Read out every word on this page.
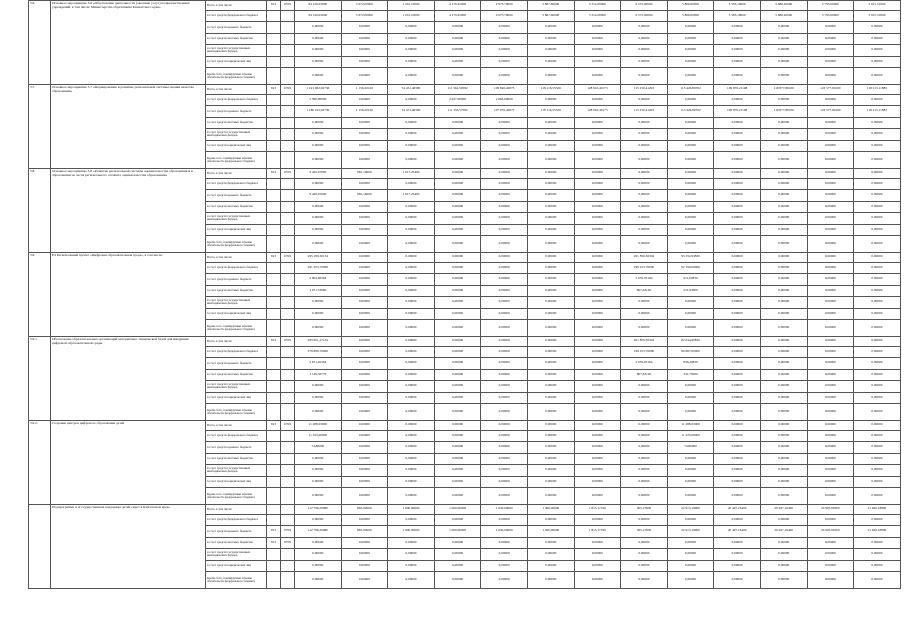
3.6.	Основное мероприятие 3.6 «Обеспечение деятельности (оказание услуг) подведомственных учреждений, в том числе: Министерства образования Камчатского края»	Всего, в том числе:	813	0709	84 126,03000	5 672,00000	1 201,10000	4 179,45000	4 973,79000	5 867,60000	5 314,00000	6 572,00000	5 866,00000	5 593,10000	5 686,20000	5 795,00000	5 915,31000
		за счет средств федерального бюджета			84 126,03000	5 672,00000	1 201,10000	4 179,45000	4 973,79000	5 867,60000	5 314,00000	6 572,00000	5 866,00000	5 593,10000	5 686,20000	5 795,00000	5 915,31000
		за счет средств краевого бюджета			0,00000	0,00000	0,00000	0,00000	0,00000	0,00000	0,00000	0,00000	0,00000	0,00000	0,00000	0,00000	0,00000
		за счет средств местных бюджетов			0,00000	0,00000	0,00000	0,00000	0,00000	0,00000	0,00000	0,00000	0,00000	0,00000	0,00000	0,00000	0,00000
		за счет средств государственных внебюджетных фондов			0,00000	0,00000	0,00000	0,00000	0,00000	0,00000	0,00000	0,00000	0,00000	0,00000	0,00000	0,00000	0,00000
		за счет средств юридических лиц			0,00000	0,00000	0,00000	0,00000	0,00000	0,00000	0,00000	0,00000	0,00000	0,00000	0,00000	0,00000	0,00000
		Кроме того, планируемые объемы обязательств федерального бюджета			0,00000	0,00000	0,00000	0,00000	0,00000	0,00000	0,00000	0,00000	0,00000	0,00000	0,00000	0,00000	0,00000
3.7.	Основное мероприятие 3.7 «Формирование и развитие региональной системы оценки качества образования»	Всего, в том числе:	813	0709	1 191 962,92736	1 156,20120	54 451,46580	111 562,59582	109 846,40073	118 116,55326	128 916,40173	115 250,41203	115 426,89702	109 876,21108	119 877,89100	123 577,99100	118 215,11883
		за счет средств федерального бюджета			5 590,00000	0,00000	0,00000	2 927,00000	2 663,00000	0,00000	0,00000	0,00000	0,00000	0,00000	0,00000	0,00000	0,00000
		за счет средств краевого бюджета			1 186 012,92736	1 156,20120	54 451,46580	111 356,57582	107 076,40073	118 116,55326	128 916,40173	115 250,41203	115 426,89702	109 876,21108	119 877,89100	123 577,99100	118 215,11883
		за счет средств местных бюджетов			0,00000	0,00000	0,00000	0,00000	0,00000	0,00000	0,00000	0,00000	0,00000	0,00000	0,00000	0,00000	0,00000
		за счет средств государственных внебюджетных фондов			0,00000	0,00000	0,00000	0,00000	0,00000	0,00000	0,00000	0,00000	0,00000	0,00000	0,00000	0,00000	0,00000
		за счет средств юридических лиц			0,00000	0,00000	0,00000	0,00000	0,00000	0,00000	0,00000	0,00000	0,00000	0,00000	0,00000	0,00000	0,00000
		Кроме того, планируемые объемы обязательств федерального бюджета			0,00000	0,00000	0,00000	0,00000	0,00000	0,00000	0,00000	0,00000	0,00000	0,00000	0,00000	0,00000	0,00000
3.8.	Основное мероприятие 3.8 «Развитие региональной системы оценки качества образования и в образовании на части регионального сегмента оценки качества образования»	Всего, в том числе:	813	0709	9 426,07600	681,16000	1 617,25400	0,00000	0,00000	0,00000	0,00000	0,00000	0,00000	0,00000	0,00000	0,00000	0,00000
		за счет средств федерального бюджета			0,00000	0,00000	0,00000	0,00000	0,00000	0,00000	0,00000	0,00000	0,00000	0,00000	0,00000	0,00000	0,00000
		за счет средств краевого бюджета			9 426,07600	681,16000	1 617,25400	0,00000	0,00000	0,00000	0,00000	0,00000	0,00000	0,00000	0,00000	0,00000	0,00000
		за счет средств местных бюджетов			0,00000	0,00000	0,00000	0,00000	0,00000	0,00000	0,00000	0,00000	0,00000	0,00000	0,00000	0,00000	0,00000
		за счет средств государственных внебюджетных фондов			0,00000	0,00000	0,00000	0,00000	0,00000	0,00000	0,00000	0,00000	0,00000	0,00000	0,00000	0,00000	0,00000
		за счет средств юридических лиц			0,00000	0,00000	0,00000	0,00000	0,00000	0,00000	0,00000	0,00000	0,00000	0,00000	0,00000	0,00000	0,00000
		Кроме того, планируемые объемы обязательств федерального бюджета			0,00000	0,00000	0,00000	0,00000	0,00000	0,00000	0,00000	0,00000	0,00000	0,00000	0,00000	0,00000	0,00000
3.9.	Е4 Региональный проект «Цифровая образовательная среда», в том числе:	Всего, в том числе:	813	0709	295 189,30134	0,00000	0,00000	0,00000	0,00000	0,00000	0,00000	201 856,36304	93 332,93830	0,00000	0,00000	0,00000	0,00000
		за счет средств федерального бюджета			291 203,70000	0,00000	0,00000	0,00000	0,00000	0,00000	0,00000	199 013,70000	92 190,00000	0,00000	0,00000	0,00000	0,00000
		за счет средств краевого бюджета			2 904,06364	0,00000	0,00000	0,00000	0,00000	0,00000	0,00000	2 035,03164	911,00830	0,00000	0,00000	0,00000	0,00000
		за счет средств местных бюджетов			1 071,53660	0,00000	0,00000	0,00000	0,00000	0,00000	0,00000	807,63140	231,93000	0,00000	0,00000	0,00000	0,00000
		за счет средств государственных внебюджетных фондов			0,00000	0,00000	0,00000	0,00000	0,00000	0,00000	0,00000	0,00000	0,00000	0,00000	0,00000	0,00000	0,00000
		за счет средств юридических лиц			0,00000	0,00000	0,00000	0,00000	0,00000	0,00000	0,00000	0,00000	0,00000	0,00000	0,00000	0,00000	0,00000
		Кроме того, планируемые объемы обязательств федерального бюджета			0,00000	0,00000	0,00000	0,00000	0,00000	0,00000	0,00000	0,00000	0,00000	0,00000	0,00000	0,00000	0,00000
3.9.1.	Обеспечение образовательных организаций материально-технической базой для внедрения цифровой образовательной среды	Всего, в том числе:	813	0709	283 901,27134	0,00000	0,00000	0,00000	0,00000	0,00000	0,00000	201 856,36304	82 044,90830	0,00000	0,00000	0,00000	0,00000
		за счет средств федерального бюджета			279 880,70000	0,00000	0,00000	0,00000	0,00000	0,00000	0,00000	199 013,70000	80 867,00000	0,00000	0,00000	0,00000	0,00000
		за счет средств краевого бюджета			2 871,20364	0,00000	0,00000	0,00000	0,00000	0,00000	0,00000	2 035,03164	836,20830	0,00000	0,00000	0,00000	0,00000
		за счет средств местных бюджетов			1 149,36770	0,00000	0,00000	0,00000	0,00000	0,00000	0,00000	807,63140	341,70000	0,00000	0,00000	0,00000	0,00000
		за счет средств государственных внебюджетных фондов			0,00000	0,00000	0,00000	0,00000	0,00000	0,00000	0,00000	0,00000	0,00000	0,00000	0,00000	0,00000	0,00000
		за счет средств юридических лиц			0,00000	0,00000	0,00000	0,00000	0,00000	0,00000	0,00000	0,00000	0,00000	0,00000	0,00000	0,00000	0,00000
		Кроме того, планируемые объемы обязательств федерального бюджета			0,00000	0,00000	0,00000	0,00000	0,00000	0,00000	0,00000	0,00000	0,00000	0,00000	0,00000	0,00000	0,00000
3.9.2.	Создание центров цифрового образования детей	Всего, в том числе:	813	0709	11 288,03000	0,00000	0,00000	0,00000	0,00000	0,00000	0,00000	0,00000	11 288,03000	0,00000	0,00000	0,00000	0,00000
		за счет средств федерального бюджета			11 323,00000	0,00000	0,00000	0,00000	0,00000	0,00000	0,00000	0,00000	11 323,00000	0,00000	0,00000	0,00000	0,00000
		за счет средств краевого бюджета			74,80000	0,00000	0,00000	0,00000	0,00000	0,00000	0,00000	0,00000	74,80000	0,00000	0,00000	0,00000	0,00000
		за счет средств местных бюджетов			0,00000	0,00000	0,00000	0,00000	0,00000	0,00000	0,00000	0,00000	0,00000	0,00000	0,00000	0,00000	0,00000
		за счет средств государственных внебюджетных фондов			0,00000	0,00000	0,00000	0,00000	0,00000	0,00000	0,00000	0,00000	0,00000	0,00000	0,00000	0,00000	0,00000
		за счет средств юридических лиц			0,00000	0,00000	0,00000	0,00000	0,00000	0,00000	0,00000	0,00000	0,00000	0,00000	0,00000	0,00000	0,00000
		Кроме того, планируемые объемы обязательств федерального бюджета			0,00000	0,00000	0,00000	0,00000	0,00000	0,00000	0,00000	0,00000	0,00000	0,00000	0,00000	0,00000	0,00000
	Подпрограмма 4 «Государственная поддержка детей-сирот в Камчатском крае»	Всего, в том числе:			112 799,29080	865,00000	1 000,00000	1 000,00000	1 040,00000	1 500,00000	1 815,17190	365,15850	22 913,19900	20 497,16400	20 497,16400	20 995,99300	21 626,18800
		за счет средств федерального бюджета			0,00000	0,00000	0,00000	0,00000	0,00000	0,00000	0,00000	0,00000	0,00000	0,00000	0,00000	0,00000	0,00000
		за счет средств краевого бюджета	813	0709	112 799,29080	865,00000	1 000,00000	1 000,00000	1 040,00000	1 500,00000	1 815,17190	365,15850	22 913,19900	20 497,16400	20 497,16400	20 995,99300	21 626,18800
		за счет средств местных бюджетов	813	0709	0,00000	0,00000	0,00000	0,00000	0,00000	0,00000	0,00000	0,00000	0,00000	0,00000	0,00000	0,00000	0,00000
		за счет средств государственных внебюджетных фондов			0,00000	0,00000	0,00000	0,00000	0,00000	0,00000	0,00000	0,00000	0,00000	0,00000	0,00000	0,00000	0,00000
		за счет средств юридических лиц			0,00000	0,00000	0,00000	0,00000	0,00000	0,00000	0,00000	0,00000	0,00000	0,00000	0,00000	0,00000	0,00000
		Кроме того, планируемые объемы обязательств федерального бюджета			0,00000	0,00000	0,00000	0,00000	0,00000	0,00000	0,00000	0,00000	0,00000	0,00000	0,00000	0,00000	0,00000
